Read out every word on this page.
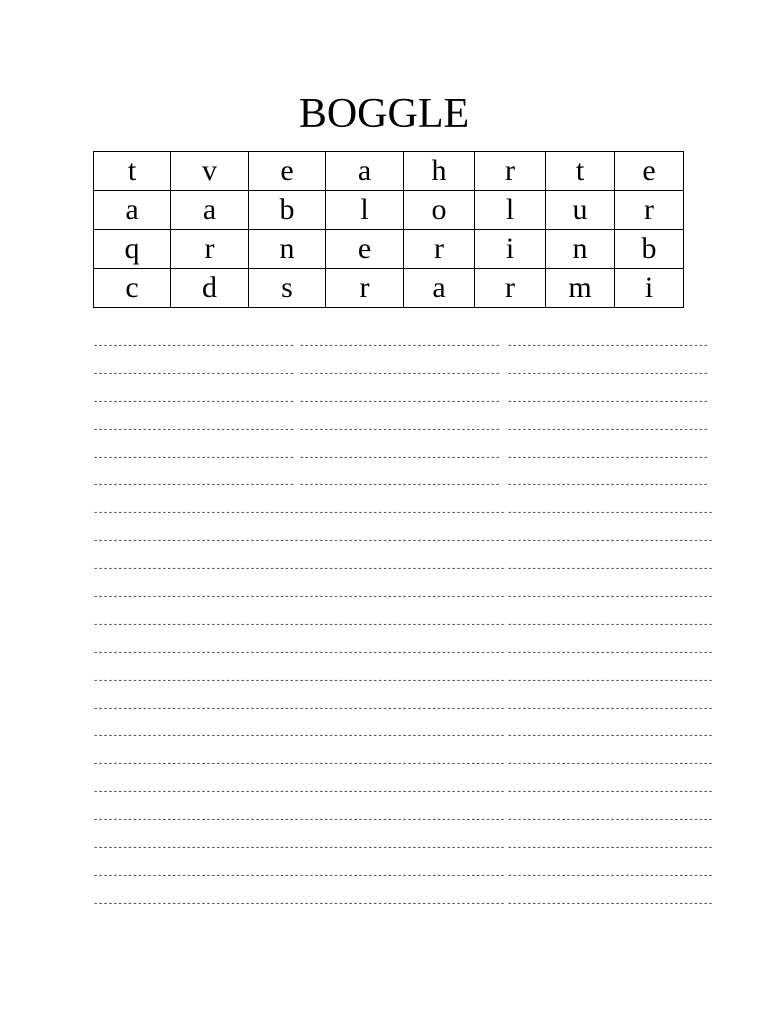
BOGGLE
t	v	e	a	h	r	t	e
a	a	b	l	o	l	u	r
q	r	n	e	r	i	n	b
c	d	s	r	a	r	m	i
-----------------------------------------
-----------------------------------------
-----------------------------------------
-----------------------------------------
-----------------------------------------
-----------------------------------------
------------------------------------------
------------------------------------------
------------------------------------------
------------------------------------------
------------------------------------------
------------------------------------------
------------------------------------------
------------------------------------------
------------------------------------------
------------------------------------------
------------------------------------------
------------------------------------------
------------------------------------------
------------------------------------------
------------------------------------------
-----------------------------------------
-----------------------------------------
-----------------------------------------
-----------------------------------------
-----------------------------------------
-----------------------------------------
------------------------------------------
------------------------------------------
------------------------------------------
------------------------------------------
------------------------------------------
------------------------------------------
------------------------------------------
------------------------------------------
------------------------------------------
------------------------------------------
------------------------------------------
------------------------------------------
------------------------------------------
------------------------------------------
------------------------------------------
-----------------------------------------
-----------------------------------------
-----------------------------------------
-----------------------------------------
-----------------------------------------
-----------------------------------------
------------------------------------------
------------------------------------------
------------------------------------------
------------------------------------------
------------------------------------------
------------------------------------------
------------------------------------------
------------------------------------------
------------------------------------------
------------------------------------------
------------------------------------------
------------------------------------------
------------------------------------------
------------------------------------------
------------------------------------------
